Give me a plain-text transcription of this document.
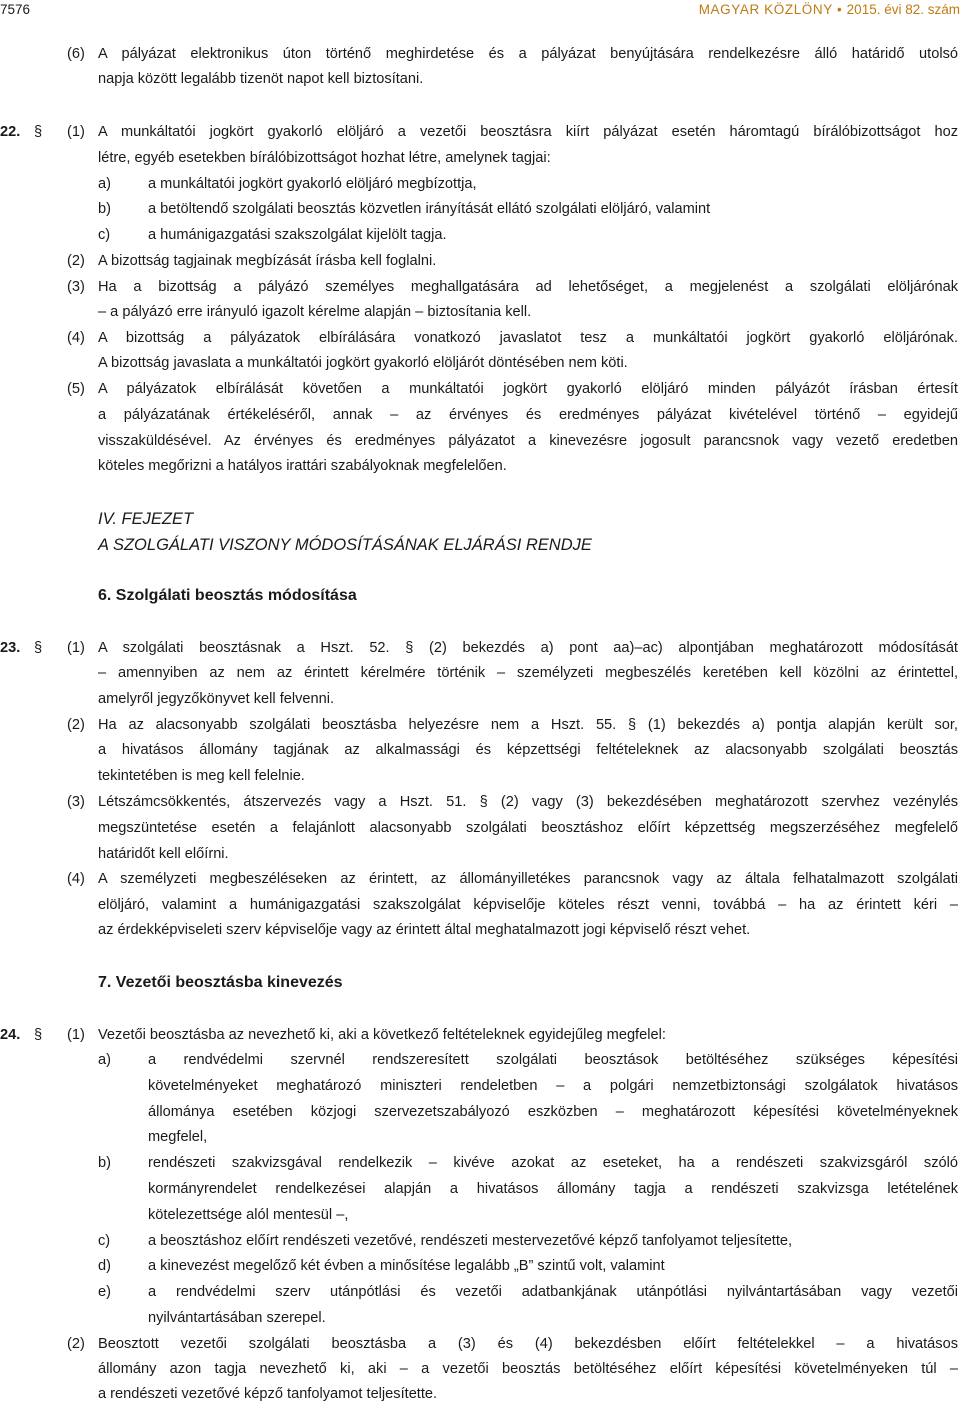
7576	MAGYAR KÖZLÖNY • 2015. évi 82. szám
(6) A pályázat elektronikus úton történő meghirdetése és a pályázat benyújtására rendelkezésre álló határidő utolsó
napja között legalább tizenöt napot kell biztosítani.
22. § (1) A munkáltatói jogkört gyakorló elöljáró a vezetői beosztásra kiírt pályázat esetén háromtagú bírálóbizottságot hoz
létre, egyéb esetekben bírálóbizottságot hozhat létre, amelynek tagjai:
a)	a munkáltatói jogkört gyakorló elöljáró megbízottja,
b)	a betöltendő szolgálati beosztás közvetlen irányítását ellátó szolgálati elöljáró, valamint
c)	a humánigazgatási szakszolgálat kijelölt tagja.
(2) A bizottság tagjainak megbízását írásba kell foglalni.
(3) Ha a bizottság a pályázó személyes meghallgatására ad lehetőséget, a megjelenést a szolgálati elöljárónak
– a pályázó erre irányuló igazolt kérelme alapján – biztosítania kell.
(4) A bizottság a pályázatok elbírálására vonatkozó javaslatot tesz a munkáltatói jogkört gyakorló elöljárónak.
A bizottság javaslata a munkáltatói jogkört gyakorló elöljárót döntésében nem köti.
(5) A pályázatok elbírálását követően a munkáltatói jogkört gyakorló elöljáró minden pályázót írásban értesít
a pályázatának értékeléséről, annak – az érvényes és eredményes pályázat kivételével történő – egyidejű
visszaküldésével. Az érvényes és eredményes pályázatot a kinevezésre jogosult parancsnok vagy vezető eredetben
köteles megőrizni a hatályos irattári szabályoknak megfelelően.
IV. FEJEZET
A SZOLGÁLATI VISZONY MÓDOSÍTÁSÁNAK ELJÁRÁSI RENDJE
6. Szolgálati beosztás módosítása
23. § (1) A szolgálati beosztásnak a Hszt. 52. § (2) bekezdés a) pont aa)–ac) alpontjában meghatározott módosítását
– amennyiben az nem az érintett kérelmére történik – személyzeti megbeszélés keretében kell közölni az érintettel,
amelyről jegyzőkönyvet kell felvenni.
(2) Ha az alacsonyabb szolgálati beosztásba helyezésre nem a Hszt. 55. § (1) bekezdés a) pontja alapján került sor,
a hivatásos állomány tagjának az alkalmassági és képzettségi feltételeknek az alacsonyabb szolgálati beosztás
tekintetében is meg kell felelnie.
(3) Létszámcsökkentés, átszervezés vagy a Hszt. 51. § (2) vagy (3) bekezdésében meghatározott szervhez vezénylés
megszüntetése esetén a felajánlott alacsonyabb szolgálati beosztáshoz előírt képzettség megszerzéséhez megfelelő
határidőt kell előírni.
(4) A személyzeti megbeszéléseken az érintett, az állományilletékes parancsnok vagy az általa felhatalmazott szolgálati
elöljáró, valamint a humánigazgatási szakszolgálat képviselője köteles részt venni, továbbá – ha az érintett kéri –
az érdekképviseleti szerv képviselője vagy az érintett által meghatalmazott jogi képviselő részt vehet.
7. Vezetői beosztásba kinevezés
24. § (1) Vezetői beosztásba az nevezhető ki, aki a következő feltételeknek egyidejűleg megfelel:
a)	a rendvédelmi szervnél rendszeresített szolgálati beosztások betöltéséhez szükséges képesítési
követelményeket meghatározó miniszteri rendeletben – a polgári nemzetbiztonsági szolgálatok hivatásos
állománya esetében közjogi szervezetszabályozó eszközben – meghatározott képesítési követelményeknek
megfelel,
b)	rendészeti szakvizsgával rendelkezik – kivéve azokat az eseteket, ha a rendészeti szakvizsgáról szóló
kormányrendelet rendelkezései alapján a hivatásos állomány tagja a rendészeti szakvizsga letételének
kötelezettsége alól mentesül –,
c)	a beosztáshoz előírt rendészeti vezetővé, rendészeti mestervezetővé képző tanfolyamot teljesítette,
d)	a kinevezést megelőző két évben a minősítése legalább „B” szintű volt, valamint
e)	a rendvédelmi szerv utánpótlási és vezetői adatbankjának utánpótlási nyilvántartásában vagy vezetői
nyilvántartásában szerepel.
(2) Beosztott vezetői szolgálati beosztásba a (3) és (4) bekezdésben előírt feltételekkel – a hivatásos
állomány azon tagja nevezhető ki, aki – a vezetői beosztás betöltéséhez előírt képesítési követelményeken túl –
a rendészeti vezetővé képző tanfolyamot teljesítette.
